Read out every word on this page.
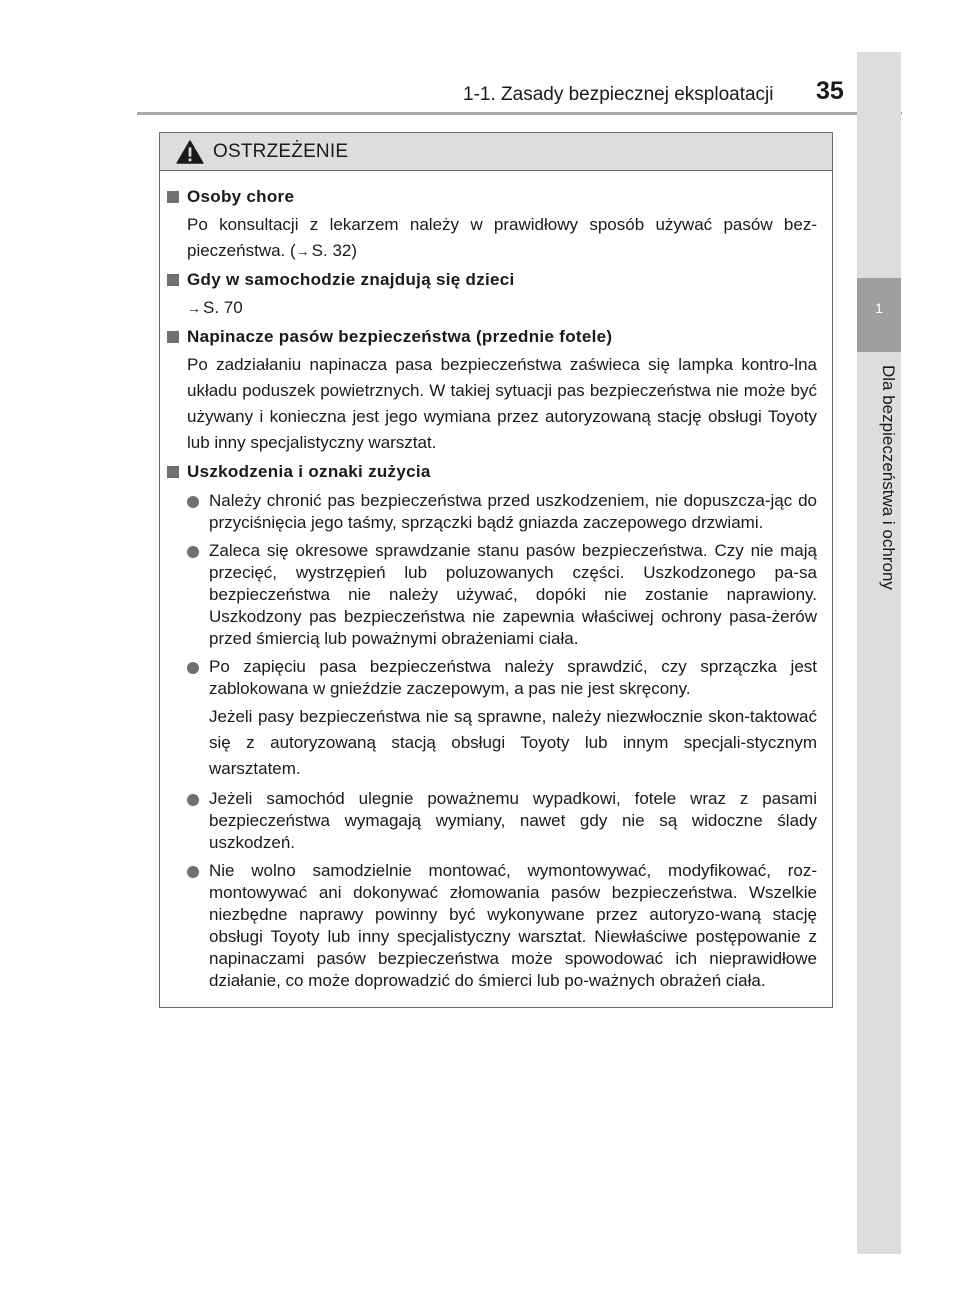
1-1. Zasady bezpiecznej eksploatacji 35
1
Dla bezpieczeństwa i ochrony
OSTRZEŻENIE
Osoby chore

Po konsultacji z lekarzem należy w prawidłowy sposób używać pasów bez-pieczeństwa. (→ S. 32)

Gdy w samochodzie znajdują się dzieci

→ S. 70

Napinacze pasów bezpieczeństwa (przednie fotele)

Po zadziałaniu napinacza pasa bezpieczeństwa zaświeca się lampka kontro-lna układu poduszek powietrznych. W takiej sytuacji pas bezpieczeństwa nie może być używany i konieczna jest jego wymiana przez autoryzowaną stację obsługi Toyoty lub inny specjalistyczny warsztat.

Uszkodzenia i oznaki zużycia

Należy chronić pas bezpieczeństwa przed uszkodzeniem, nie dopuszcza-jąc do przyciśnięcia jego taśmy, sprzączki bądź gniazda zaczepowego drzwiami.

Zaleca się okresowe sprawdzanie stanu pasów bezpieczeństwa. Czy nie mają przecięć, wystrzępień lub poluzowanych części. Uszkodzonego pa-sa bezpieczeństwa nie należy używać, dopóki nie zostanie naprawiony. Uszkodzony pas bezpieczeństwa nie zapewnia właściwej ochrony pasa-żerów przed śmiercią lub poważnymi obrażeniami ciała.

Po zapięciu pasa bezpieczeństwa należy sprawdzić, czy sprzączka jest zablokowana w gnieździe zaczepowym, a pas nie jest skręcony.

Jeżeli pasy bezpieczeństwa nie są sprawne, należy niezwłocznie skon-taktować się z autoryzowaną stacją obsługi Toyoty lub innym specjali-stycznym warsztatem.

Jeżeli samochód ulegnie poważnemu wypadkowi, fotele wraz z pasami bezpieczeństwa wymagają wymiany, nawet gdy nie są widoczne ślady uszkodzeń.

Nie wolno samodzielnie montować, wymontowywać, modyfikować, roz-montowywać ani dokonywać złomowania pasów bezpieczeństwa. Wszelkie niezbędne naprawy powinny być wykonywane przez autoryzo-waną stację obsługi Toyoty lub inny specjalistyczny warsztat. Niewłaściwe postępowanie z napinaczami pasów bezpieczeństwa może spowodować ich nieprawidłowe działanie, co może doprowadzić do śmierci lub po-ważnych obrażeń ciała.
